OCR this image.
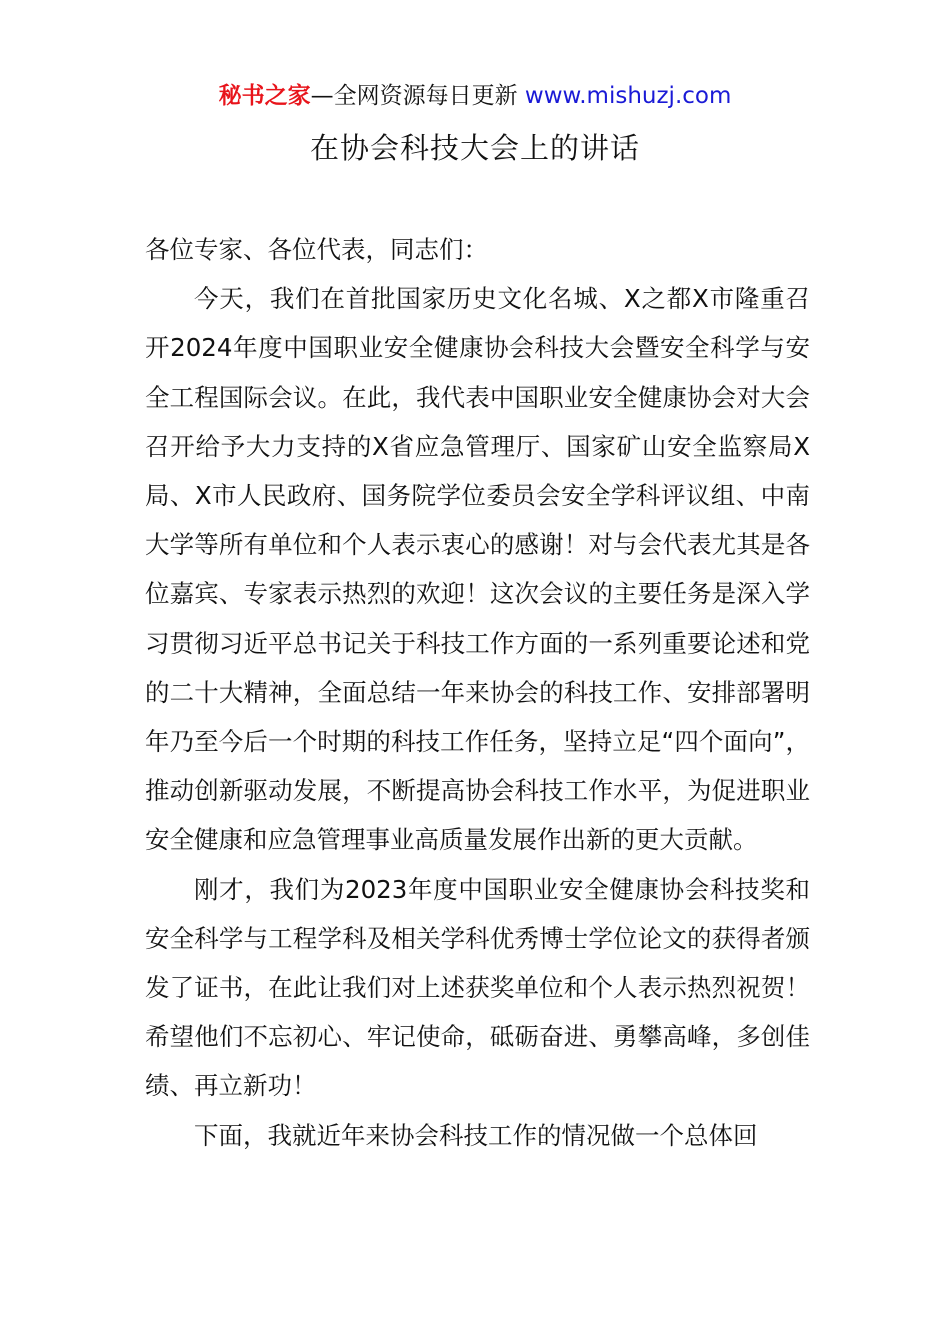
秘书之家—全网资源每日更新 www.mishuzj.com
在协会科技大会上的讲话

各位专家、各位代表，同志们：

今天，我们在首批国家历史文化名城、X之都X市隆重召开2024年度中国职业安全健康协会科技大会暨安全科学与安全工程国际会议。在此，我代表中国职业安全健康协会对大会召开给予大力支持的X省应急管理厅、国家矿山安全监察局X局、X市人民政府、国务院学位委员会安全学科评议组、中南大学等所有单位和个人表示衷心的感谢！对与会代表尤其是各位嘉宾、专家表示热烈的欢迎！这次会议的主要任务是深入学习贯彻习近平总书记关于科技工作方面的一系列重要论述和党的二十大精神，全面总结一年来协会的科技工作、安排部署明年乃至今后一个时期的科技工作任务，坚持立足“四个面向”，推动创新驱动发展，不断提高协会科技工作水平，为促进职业安全健康和应急管理事业高质量发展作出新的更大贡献。

刚才，我们为2023年度中国职业安全健康协会科技奖和安全科学与工程学科及相关学科优秀博士学位论文的获得者颁发了证书，在此让我们对上述获奖单位和个人表示热烈祝贺！希望他们不忘初心、牢记使命，砥砺奋进、勇攀高峰，多创佳绩、再立新功！

下面，我就近年来协会科技工作的情况做一个总体回
